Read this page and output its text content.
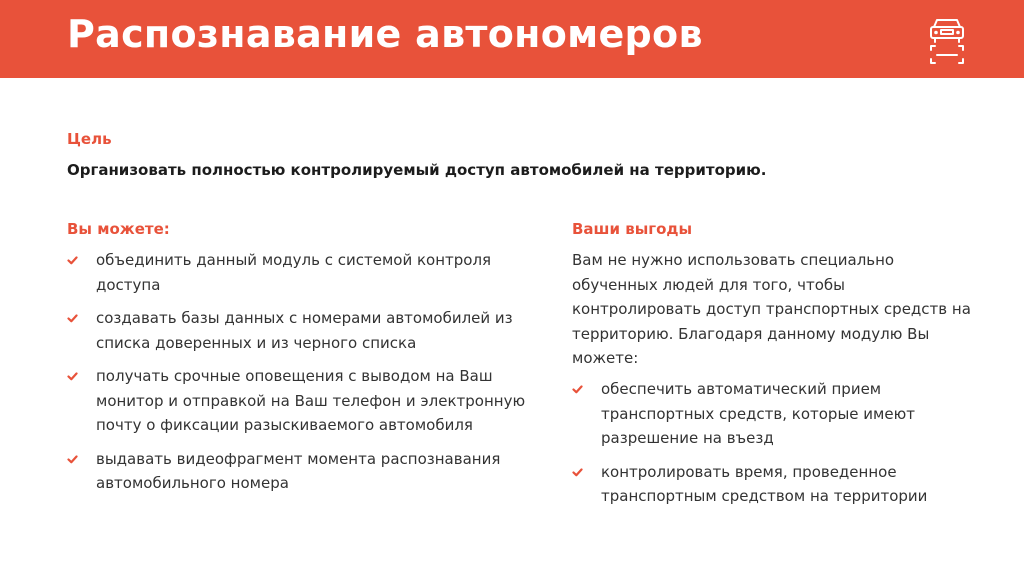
Распознавание автономеров
Цель
Организовать полностью контролируемый доступ автомобилей на территорию.
Вы можете:
объединить данный модуль с системой контроля доступа
создавать базы данных с номерами автомобилей из списка доверенных и из черного списка
получать срочные оповещения с выводом на Ваш монитор и отправкой на Ваш телефон и электронную почту о фиксации разыскиваемого автомобиля
выдавать видеофрагмент момента распознавания автомобильного номера
Ваши выгоды

Вам не нужно использовать специально обученных людей для того, чтобы контролировать доступ транспортных средств на территорию. Благодаря данному модулю Вы можете:

обеспечить автоматический прием транспортных средств, которые имеют разрешение на въезд
контролировать время, проведенное транспортным средством на территории
